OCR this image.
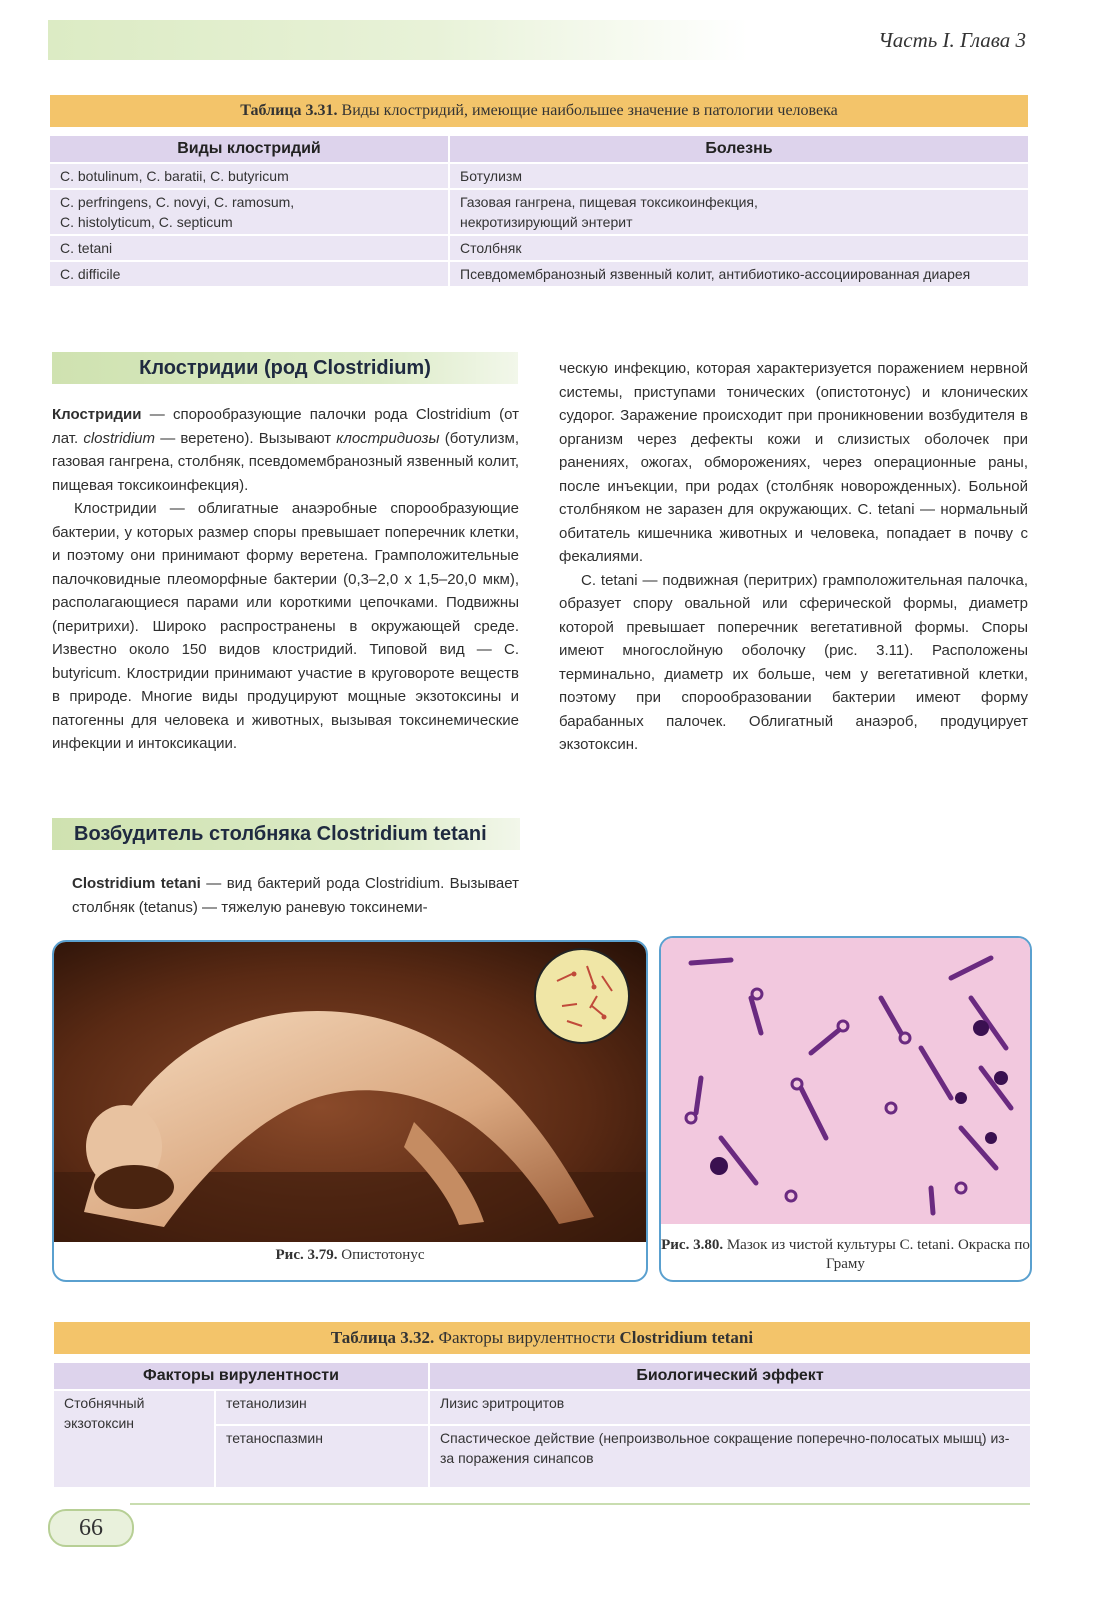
Часть I. Глава 3
Таблица 3.31. Виды клостридий, имеющие наибольшее значение в патологии человека
Виды клостридий	Болезнь
C. botulinum, C. baratii, C. butyricum	Ботулизм
C. perfringens, C. novyi, C. ramosum,
C. histolyticum, C. septicum	Газовая гангрена, пищевая токсикоинфекция,
некротизирующий энтерит
C. tetani	Столбняк
C. difficile	Псевдомембранозный язвенный колит, антибиотико-ассоциированная диарея
Клостридии (род Clostridium)

Клостридии — спорообразующие палочки рода Clostridium (от лат. clostridium — веретено). Вызывают клостридиозы (ботулизм, газовая гангрена, столбняк, псевдомембранозный язвенный колит, пищевая токсикоинфекция).

Клостридии — облигатные анаэробные спорообразующие бактерии, у которых размер споры превышает поперечник клетки, и поэтому они принимают форму веретена. Грамположительные палочковидные плеоморфные бактерии (0,3–2,0 х 1,5–20,0 мкм), располагающиеся парами или короткими цепочками. Подвижны (перитрихи). Широко распространены в окружающей среде. Известно около 150 видов клостридий. Типовой вид — C. butyricum. Клостридии принимают участие в круговороте веществ в природе. Многие виды продуцируют мощные экзотоксины и патогенны для человека и животных, вызывая токсинемические инфекции и интоксикации.

ческую инфекцию, которая характеризуется поражением нервной системы, приступами тонических (опистотонус) и клонических судорог. Заражение происходит при проникновении возбудителя в организм через дефекты кожи и слизистых оболочек при ранениях, ожогах, обморожениях, через операционные раны, после инъекции, при родах (столбняк новорожденных). Больной столбняком не заразен для окружающих. C. tetani — нормальный обитатель кишечника животных и человека, попадает в почву с фекалиями.

C. tetani — подвижная (перитрих) грамположительная палочка, образует спору овальной или сферической формы, диаметр которой превышает поперечник вегетативной формы. Споры имеют многослойную оболочку (рис. 3.11). Расположены терминально, диаметр их больше, чем у вегетативной клетки, поэтому при спорообразовании бактерии имеют форму барабанных палочек. Облигатный анаэроб, продуцирует экзотоксин.

Возбудитель столбняка Clostridium tetani

Clostridium tetani — вид бактерий рода Clostridium. Вызывает столбняк (tetanus) — тяжелую раневую токсинеми-

Рис. 3.79. Опистотонус
Рис. 3.80. Мазок из чистой культуры C. tetani. Окраска по Граму
Таблица 3.32. Факторы вирулентности Clostridium tetani
Факторы вирулентности		Биологический эффект
Стобнячный экзотоксин	тетанолизин	Лизис эритроцитов
	тетаноспазмин	Спастическое действие (непроизвольное сокращение поперечно-полосатых мышц) из-за поражения синапсов
66
